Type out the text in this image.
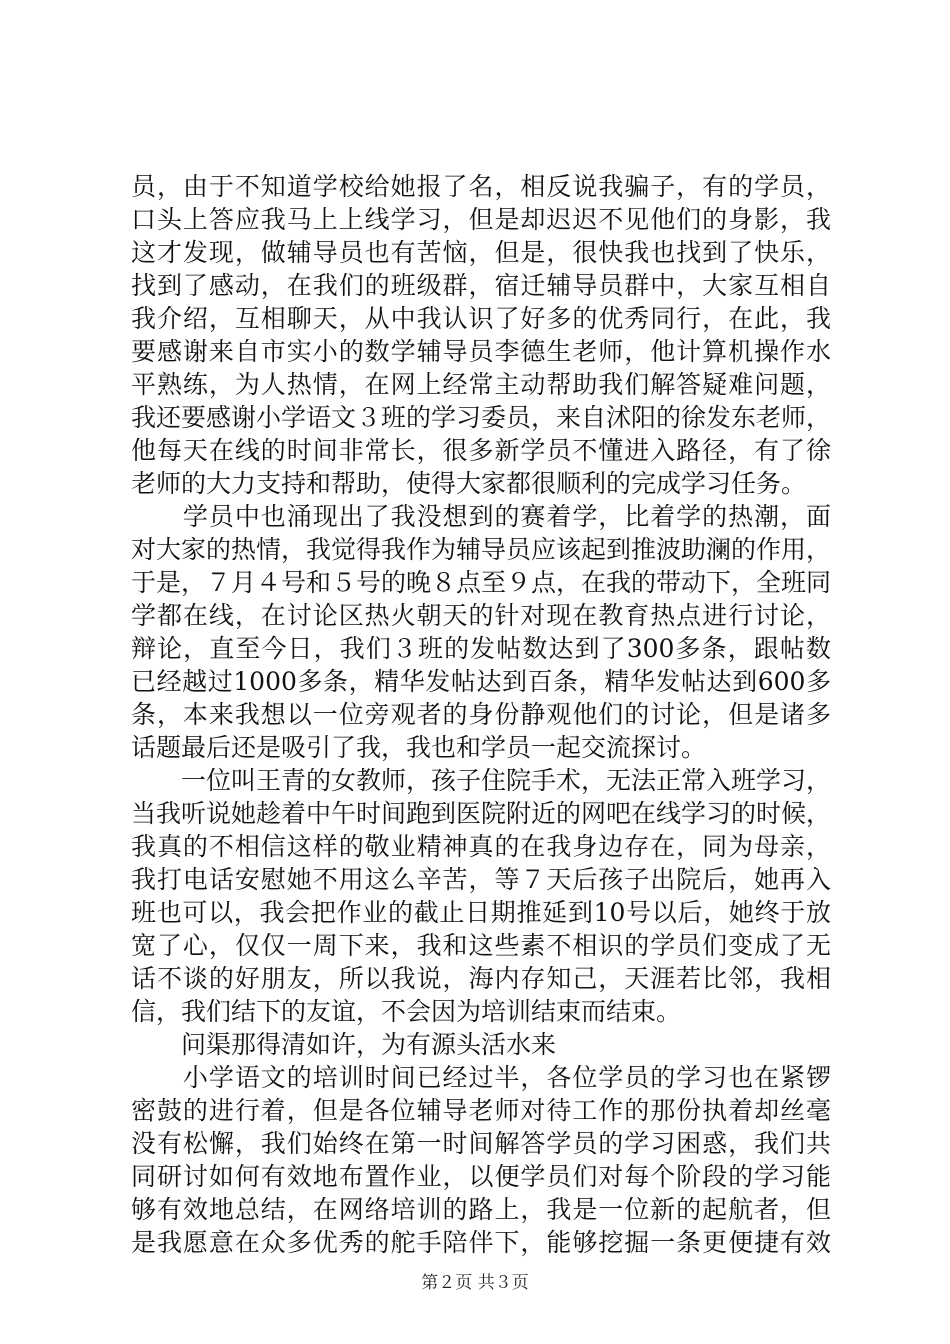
员，由于不知道学校给她报了名，相反说我骗子，有的学员，
口头上答应我马上上线学习，但是却迟迟不见他们的身影，我
这才发现，做辅导员也有苦恼，但是，很快我也找到了快乐，
找到了感动，在我们的班级群，宿迁辅导员群中，大家互相自
我介绍，互相聊天，从中我认识了好多的优秀同行，在此，我
要感谢来自市实小的数学辅导员李德生老师，他计算机操作水
平熟练，为人热情，在网上经常主动帮助我们解答疑难问题，
我还要感谢小学语文３班的学习委员，来自沭阳的徐发东老师，
他每天在线的时间非常长，很多新学员不懂进入路径，有了徐
老师的大力支持和帮助，使得大家都很顺利的完成学习任务。
　　学员中也涌现出了我没想到的赛着学，比着学的热潮，面
对大家的热情，我觉得我作为辅导员应该起到推波助澜的作用，
于是，７月４号和５号的晚８点至９点，在我的带动下，全班同
学都在线，在讨论区热火朝天的针对现在教育热点进行讨论，
辩论，直至今日，我们３班的发帖数达到了300多条，跟帖数
已经越过1000多条，精华发帖达到百条，精华发帖达到600多
条，本来我想以一位旁观者的身份静观他们的讨论，但是诸多
话题最后还是吸引了我，我也和学员一起交流探讨。
　　一位叫王青的女教师，孩子住院手术，无法正常入班学习，
当我听说她趁着中午时间跑到医院附近的网吧在线学习的时候，
我真的不相信这样的敬业精神真的在我身边存在，同为母亲，
我打电话安慰她不用这么辛苦，等７天后孩子出院后，她再入
班也可以，我会把作业的截止日期推延到10号以后，她终于放
宽了心，仅仅一周下来，我和这些素不相识的学员们变成了无
话不谈的好朋友，所以我说，海内存知己，天涯若比邻，我相
信，我们结下的友谊，不会因为培训结束而结束。
　　问渠那得清如许，为有源头活水来
　　小学语文的培训时间已经过半，各位学员的学习也在紧锣
密鼓的进行着，但是各位辅导老师对待工作的那份执着却丝毫
没有松懈，我们始终在第一时间解答学员的学习困惑，我们共
同研讨如何有效地布置作业，以便学员们对每个阶段的学习能
够有效地总结，在网络培训的路上，我是一位新的起航者，但
是我愿意在众多优秀的舵手陪伴下，能够挖掘一条更便捷有效
第２页 共３页
